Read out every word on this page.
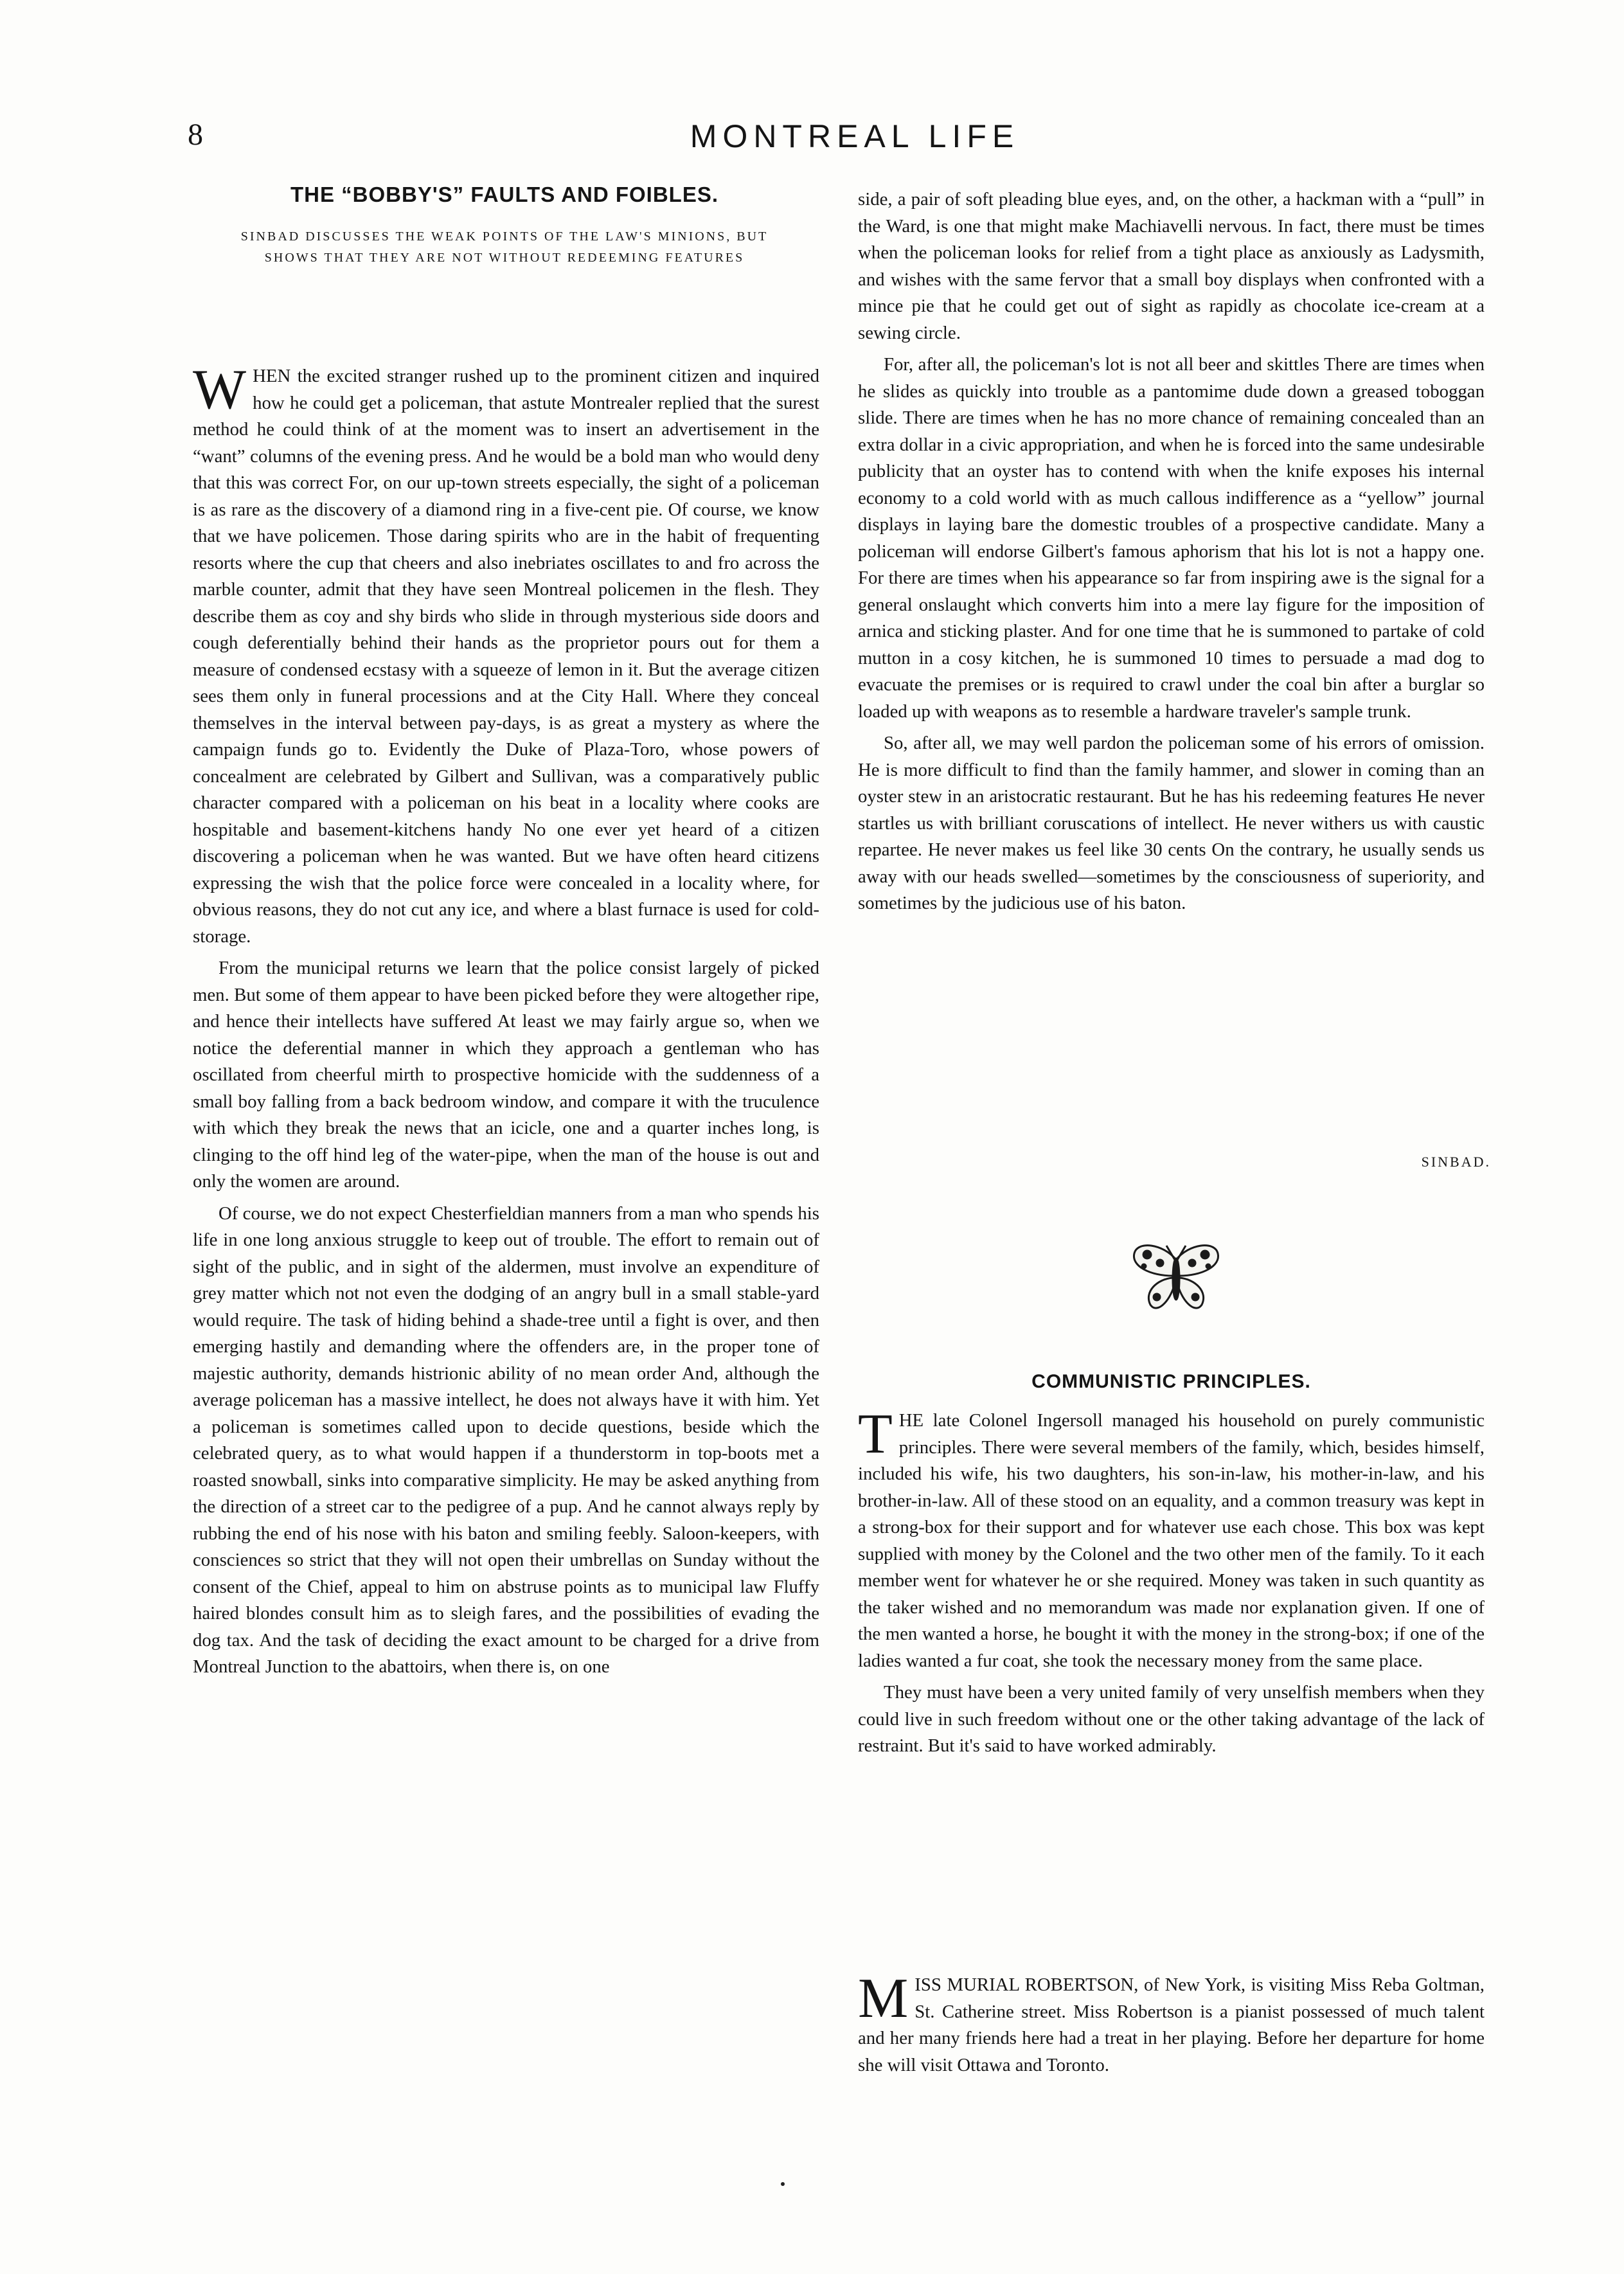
8	MONTREAL LIFE
THE “BOBBY'S” FAULTS AND FOIBLES.
SINBAD DISCUSSES THE WEAK POINTS OF THE LAW'S MINIONS, BUT SHOWS THAT THEY ARE NOT WITHOUT REDEEMING FEATURES

WHEN the excited stranger rushed up to the prominent citizen and inquired how he could get a policeman, that astute Montrealer replied that the surest method he could think of at the moment was to insert an advertisement in the “want” columns of the evening press. And he would be a bold man who would deny that this was correct For, on our up-town streets especially, the sight of a policeman is as rare as the discovery of a diamond ring in a five-cent pie. Of course, we know that we have policemen. Those daring spirits who are in the habit of frequenting resorts where the cup that cheers and also inebriates oscillates to and fro across the marble counter, admit that they have seen Montreal policemen in the flesh. They describe them as coy and shy birds who slide in through mysterious side doors and cough deferentially behind their hands as the proprietor pours out for them a measure of condensed ecstasy with a squeeze of lemon in it. But the average citizen sees them only in funeral processions and at the City Hall. Where they conceal themselves in the interval between pay-days, is as great a mystery as where the campaign funds go to. Evidently the Duke of Plaza-Toro, whose powers of concealment are celebrated by Gilbert and Sullivan, was a comparatively public character compared with a policeman on his beat in a locality where cooks are hospitable and basement-kitchens handy No one ever yet heard of a citizen discovering a policeman when he was wanted. But we have often heard citizens expressing the wish that the police force were concealed in a locality where, for obvious reasons, they do not cut any ice, and where a blast furnace is used for cold-storage.

From the municipal returns we learn that the police consist largely of picked men. But some of them appear to have been picked before they were altogether ripe, and hence their intellects have suffered At least we may fairly argue so, when we notice the deferential manner in which they approach a gentleman who has oscillated from cheerful mirth to prospective homicide with the suddenness of a small boy falling from a back bedroom window, and compare it with the truculence with which they break the news that an icicle, one and a quarter inches long, is clinging to the off hind leg of the water-pipe, when the man of the house is out and only the women are around.

Of course, we do not expect Chesterfieldian manners from a man who spends his life in one long anxious struggle to keep out of trouble. The effort to remain out of sight of the public, and in sight of the aldermen, must involve an expenditure of grey matter which not not even the dodging of an angry bull in a small stable-yard would require. The task of hiding behind a shade-tree until a fight is over, and then emerging hastily and demanding where the offenders are, in the proper tone of majestic authority, demands histrionic ability of no mean order And, although the average policeman has a massive intellect, he does not always have it with him. Yet a policeman is sometimes called upon to decide questions, beside which the celebrated query, as to what would happen if a thunderstorm in top-boots met a roasted snowball, sinks into comparative simplicity. He may be asked anything from the direction of a street car to the pedigree of a pup. And he cannot always reply by rubbing the end of his nose with his baton and smiling feebly. Saloon-keepers, with consciences so strict that they will not open their umbrellas on Sunday without the consent of the Chief, appeal to him on abstruse points as to municipal law Fluffy haired blondes consult him as to sleigh fares, and the possibilities of evading the dog tax. And the task of deciding the exact amount to be charged for a drive from Montreal Junction to the abattoirs, when there is, on one

side, a pair of soft pleading blue eyes, and, on the other, a hackman with a “pull” in the Ward, is one that might make Machiavelli nervous. In fact, there must be times when the policeman looks for relief from a tight place as anxiously as Ladysmith, and wishes with the same fervor that a small boy displays when confronted with a mince pie that he could get out of sight as rapidly as chocolate ice-cream at a sewing circle.

For, after all, the policeman's lot is not all beer and skittles There are times when he slides as quickly into trouble as a pantomime dude down a greased toboggan slide. There are times when he has no more chance of remaining concealed than an extra dollar in a civic appropriation, and when he is forced into the same undesirable publicity that an oyster has to contend with when the knife exposes his internal economy to a cold world with as much callous indifference as a “yellow” journal displays in laying bare the domestic troubles of a prospective candidate. Many a policeman will endorse Gilbert's famous aphorism that his lot is not a happy one. For there are times when his appearance so far from inspiring awe is the signal for a general onslaught which converts him into a mere lay figure for the imposition of arnica and sticking plaster. And for one time that he is summoned to partake of cold mutton in a cosy kitchen, he is summoned 10 times to persuade a mad dog to evacuate the premises or is required to crawl under the coal bin after a burglar so loaded up with weapons as to resemble a hardware traveler's sample trunk.

So, after all, we may well pardon the policeman some of his errors of omission. He is more difficult to find than the family hammer, and slower in coming than an oyster stew in an aristocratic restaurant. But he has his redeeming features He never startles us with brilliant coruscations of intellect. He never withers us with caustic repartee. He never makes us feel like 30 cents On the contrary, he usually sends us away with our heads swelled—sometimes by the consciousness of superiority, and sometimes by the judicious use of his baton.

SINBAD.
COMMUNISTIC PRINCIPLES.

THE late Colonel Ingersoll managed his household on purely communistic principles. There were several members of the family, which, besides himself, included his wife, his two daughters, his son-in-law, his mother-in-law, and his brother-in-law. All of these stood on an equality, and a common treasury was kept in a strong-box for their support and for whatever use each chose. This box was kept supplied with money by the Colonel and the two other men of the family. To it each member went for whatever he or she required. Money was taken in such quantity as the taker wished and no memorandum was made nor explanation given. If one of the men wanted a horse, he bought it with the money in the strong-box; if one of the ladies wanted a fur coat, she took the necessary money from the same place.

They must have been a very united family of very unselfish members when they could live in such freedom without one or the other taking advantage of the lack of restraint. But it's said to have worked admirably.

MISS MURIAL ROBERTSON, of New York, is visiting Miss Reba Goltman, St. Catherine street. Miss Robertson is a pianist possessed of much talent and her many friends here had a treat in her playing. Before her departure for home she will visit Ottawa and Toronto.
